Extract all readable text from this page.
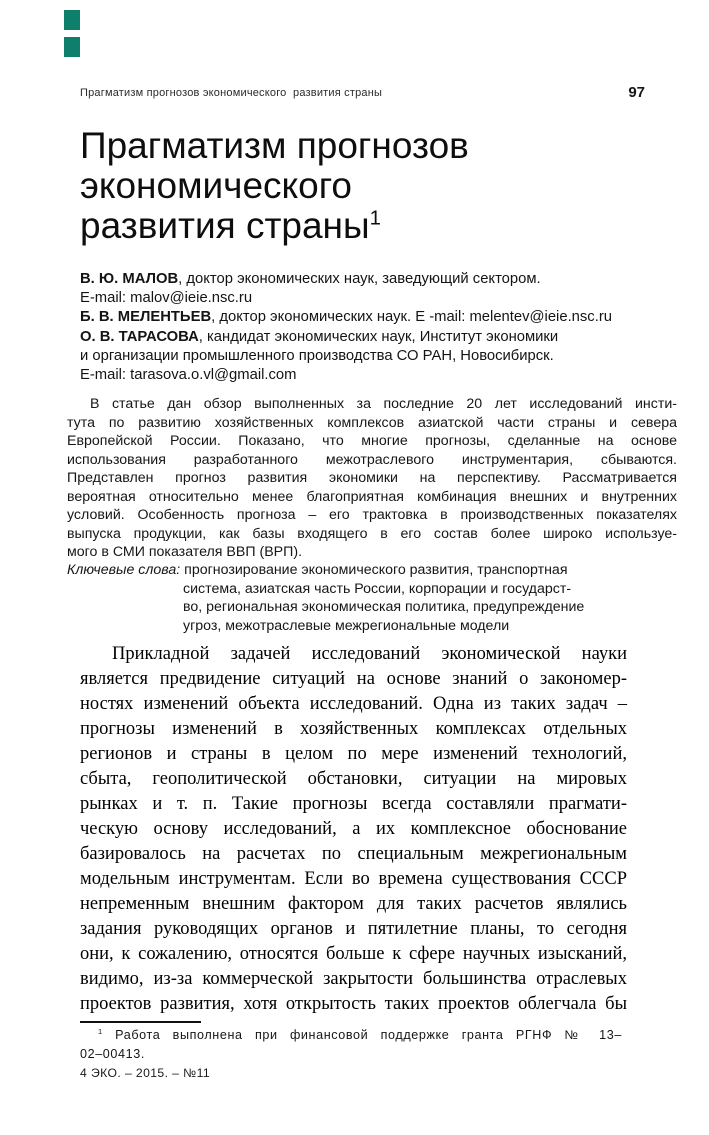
Прагматизм прогнозов экономического  развития страны	97
Прагматизм прогнозов
экономического
развития страны$^1$
В. Ю. МАЛОВ, доктор экономических наук, заведующий сектором.
E-mail: malov@ieie.nsc.ru
Б. В. МЕЛЕНТЬЕВ, доктор экономических наук. E -mail: melentev@ieie.nsc.ru
О. В. ТАРАСОВА, кандидат экономических наук, Институт экономики
и организации промышленного производства СО РАН, Новосибирск.
E-mail: tarasova.o.vl@gmail.com
В статье дан обзор выполненных за последние 20 лет исследований инсти-
тута по развитию хозяйственных комплексов азиатской части страны и севера
Европейской России. Показано, что многие прогнозы, сделанные на основе
использования разработанного межотраслевого инструментария, сбываются.
Представлен прогноз развития экономики на перспективу. Рассматривается
вероятная относительно менее благоприятная комбинация внешних и внутренних
условий. Особенность прогноза – его трактовка в производственных показателях
выпуска продукции, как базы входящего в его состав более широко используе-
мого в СМИ показателя ВВП (ВРП).
Ключевые слова: прогнозирование экономического развития, транспортная
система, азиатская часть России, корпорации и государст-
во, региональная экономическая политика, предупреждение
угроз, межотраслевые межрегиональные модели
Прикладной задачей исследований экономической науки
является предвидение ситуаций на основе знаний о закономер-
ностях изменений объекта исследований. Одна из таких задач –
прогнозы изменений в хозяйственных комплексах отдельных
регионов и страны в целом по мере изменений технологий,
сбыта, геополитической обстановки, ситуации на мировых
рынках и т. п. Такие прогнозы всегда составляли прагмати-
ческую основу исследований, а их комплексное обоснование
базировалось на расчетах по специальным межрегиональным
модельным инструментам. Если во времена существования СССР
непременным внешним фактором для таких расчетов являлись
задания руководящих органов и пятилетние планы, то сегодня
они, к сожалению, относятся больше к сфере научных изысканий,
видимо, из-за коммерческой закрытости большинства отраслевых
проектов развития, хотя открытость таких проектов облегчала бы
$^1$ Работа выполнена при финансовой поддержке гранта РГНФ № 13–
02–00413.
4 ЭКО. – 2015. – №11
